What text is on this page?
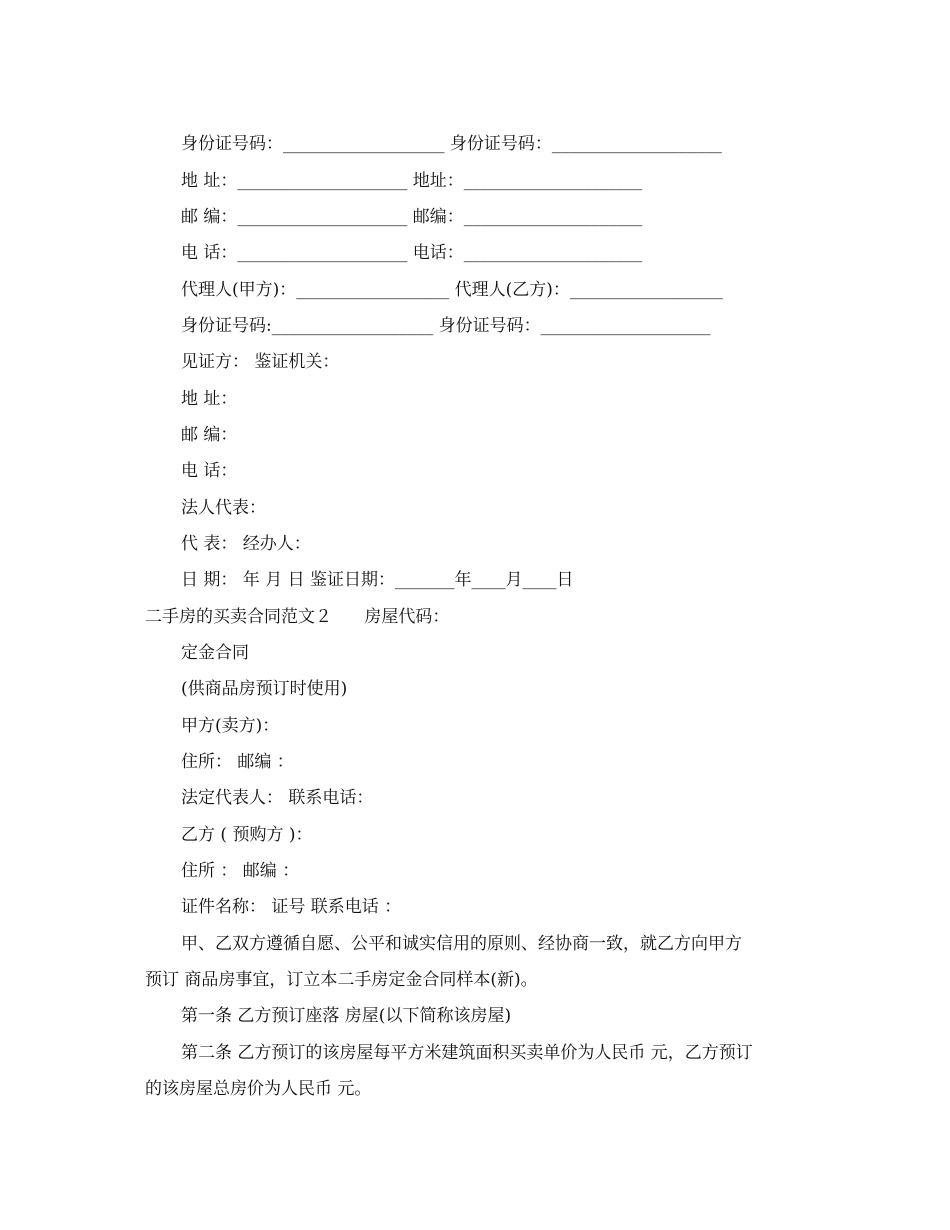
身份证号码：___________________ 身份证号码：____________________
地 址：____________________ 地址：_____________________
邮 编：____________________ 邮编：_____________________
电 话：____________________ 电话：_____________________
代理人(甲方)：__________________ 代理人(乙方)：__________________
身份证号码:___________________ 身份证号码：____________________
见证方： 鉴证机关：
地 址：
邮 编：
电 话：
法人代表：
代 表： 经办人：
日 期： 年 月 日 鉴证日期：_______年____月____日
二手房的买卖合同范文２      房屋代码：
定金合同
(供商品房预订时使用)
甲方(卖方)：
住所： 邮编 ：
法定代表人： 联系电话：
乙方 ( 预购方 )：
住所 ： 邮编 ：
证件名称： 证号 联系电话 ：
甲、乙双方遵循自愿、公平和诚实信用的原则、经协商一致，就乙方向甲方
预订 商品房事宜，订立本二手房定金合同样本(新)。
第一条 乙方预订座落 房屋(以下简称该房屋)
第二条 乙方预订的该房屋每平方米建筑面积买卖单价为人民币 元，乙方预订
的该房屋总房价为人民币 元。
